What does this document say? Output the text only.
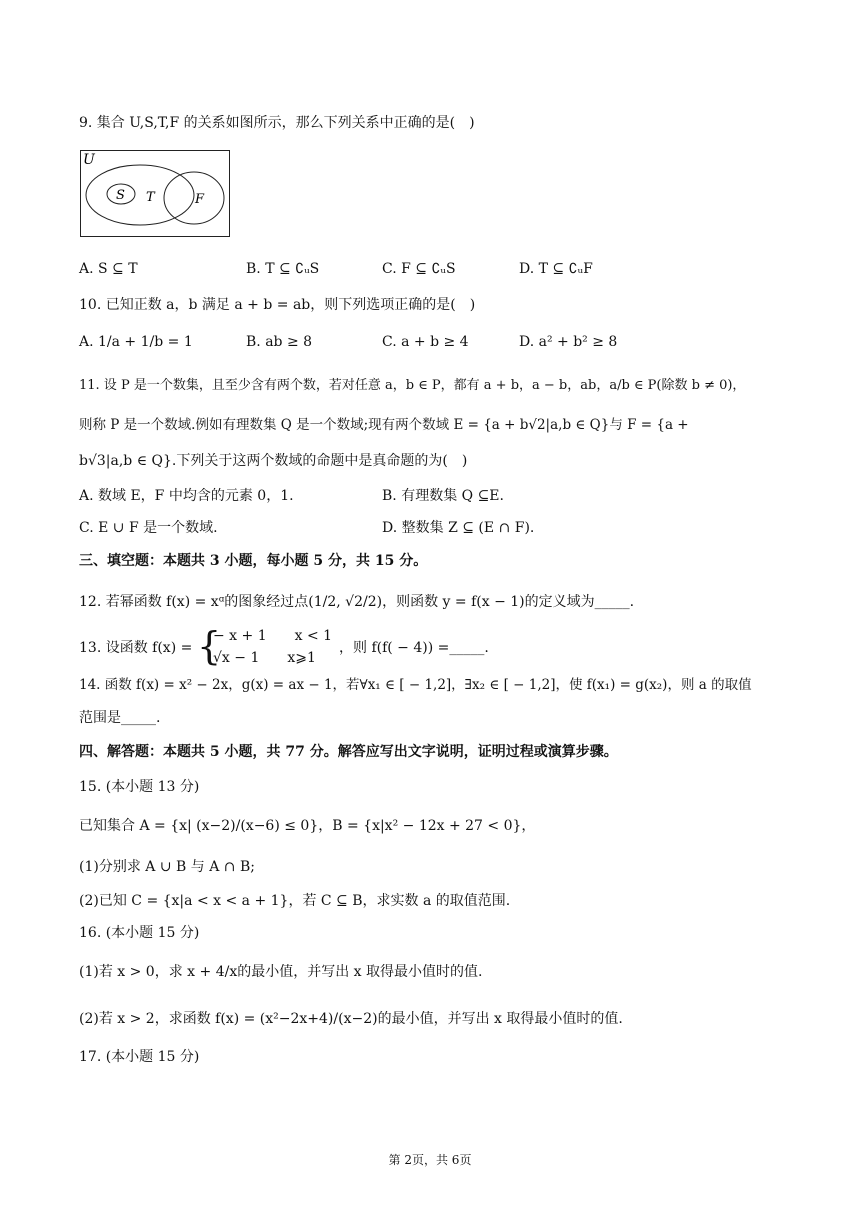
9. 集合 U,S,T,F 的关系如图所示，那么下列关系中正确的是(　)
U
S T	F
A. S ⊆ T	B. T ⊆ ∁ᵤS	C. F ⊆ ∁ᵤS	D. T ⊆ ∁ᵤF
10. 已知正数 a，b 满足 a + b = ab，则下列选项正确的是(　)
A. 1/a + 1/b = 1	B. ab ≥ 8	C. a + b ≥ 4	D. a² + b² ≥ 8
11. 设 P 是一个数集，且至少含有两个数，若对任意 a，b ∈ P，都有 a + b，a − b，ab，a/b ∈ P(除数 b ≠ 0)，
则称 P 是一个数域.例如有理数集 Q 是一个数域;现有两个数域 E = {a + b√2|a,b ∈ Q}与 F = {a +
b√3|a,b ∈ Q}.下列关于这两个数域的命题中是真命题的为(　)
A. 数域 E，F 中均含的元素 0，1.	B. 有理数集 Q ⊆E.
C. E ∪ F 是一个数域.	D. 整数集 Z ⊆ (E ∩ F).
三、填空题：本题共 3 小题，每小题 5 分，共 15 分。
12. 若幂函数 f(x) = xᵅ的图象经过点(1/2, √2/2)，则函数 y = f(x − 1)的定义域为_____.
13. 设函数 f(x) = {
− x + 1　　x < 1
√x − 1　　x⩾1
，则 f(f( − 4)) =_____.
14. 函数 f(x) = x² − 2x，g(x) = ax − 1，若∀x₁ ∈ [ − 1,2]，∃x₂ ∈ [ − 1,2]，使 f(x₁) = g(x₂)，则 a 的取值
范围是_____.
四、解答题：本题共 5 小题，共 77 分。解答应写出文字说明，证明过程或演算步骤。
15. (本小题 13 分)
已知集合 A = {x| (x−2)/(x−6) ≤ 0}，B = {x|x² − 12x + 27 < 0}，
(1)分别求 A ∪ B 与 A ∩ B;
(2)已知 C = {x|a < x < a + 1}，若 C ⊆ B，求实数 a 的取值范围.
16. (本小题 15 分)
(1)若 x > 0，求 x + 4/x的最小值，并写出 x 取得最小值时的值.
(2)若 x > 2，求函数 f(x) = (x²−2x+4)/(x−2)的最小值，并写出 x 取得最小值时的值.
17. (本小题 15 分)
第 2页，共 6页
